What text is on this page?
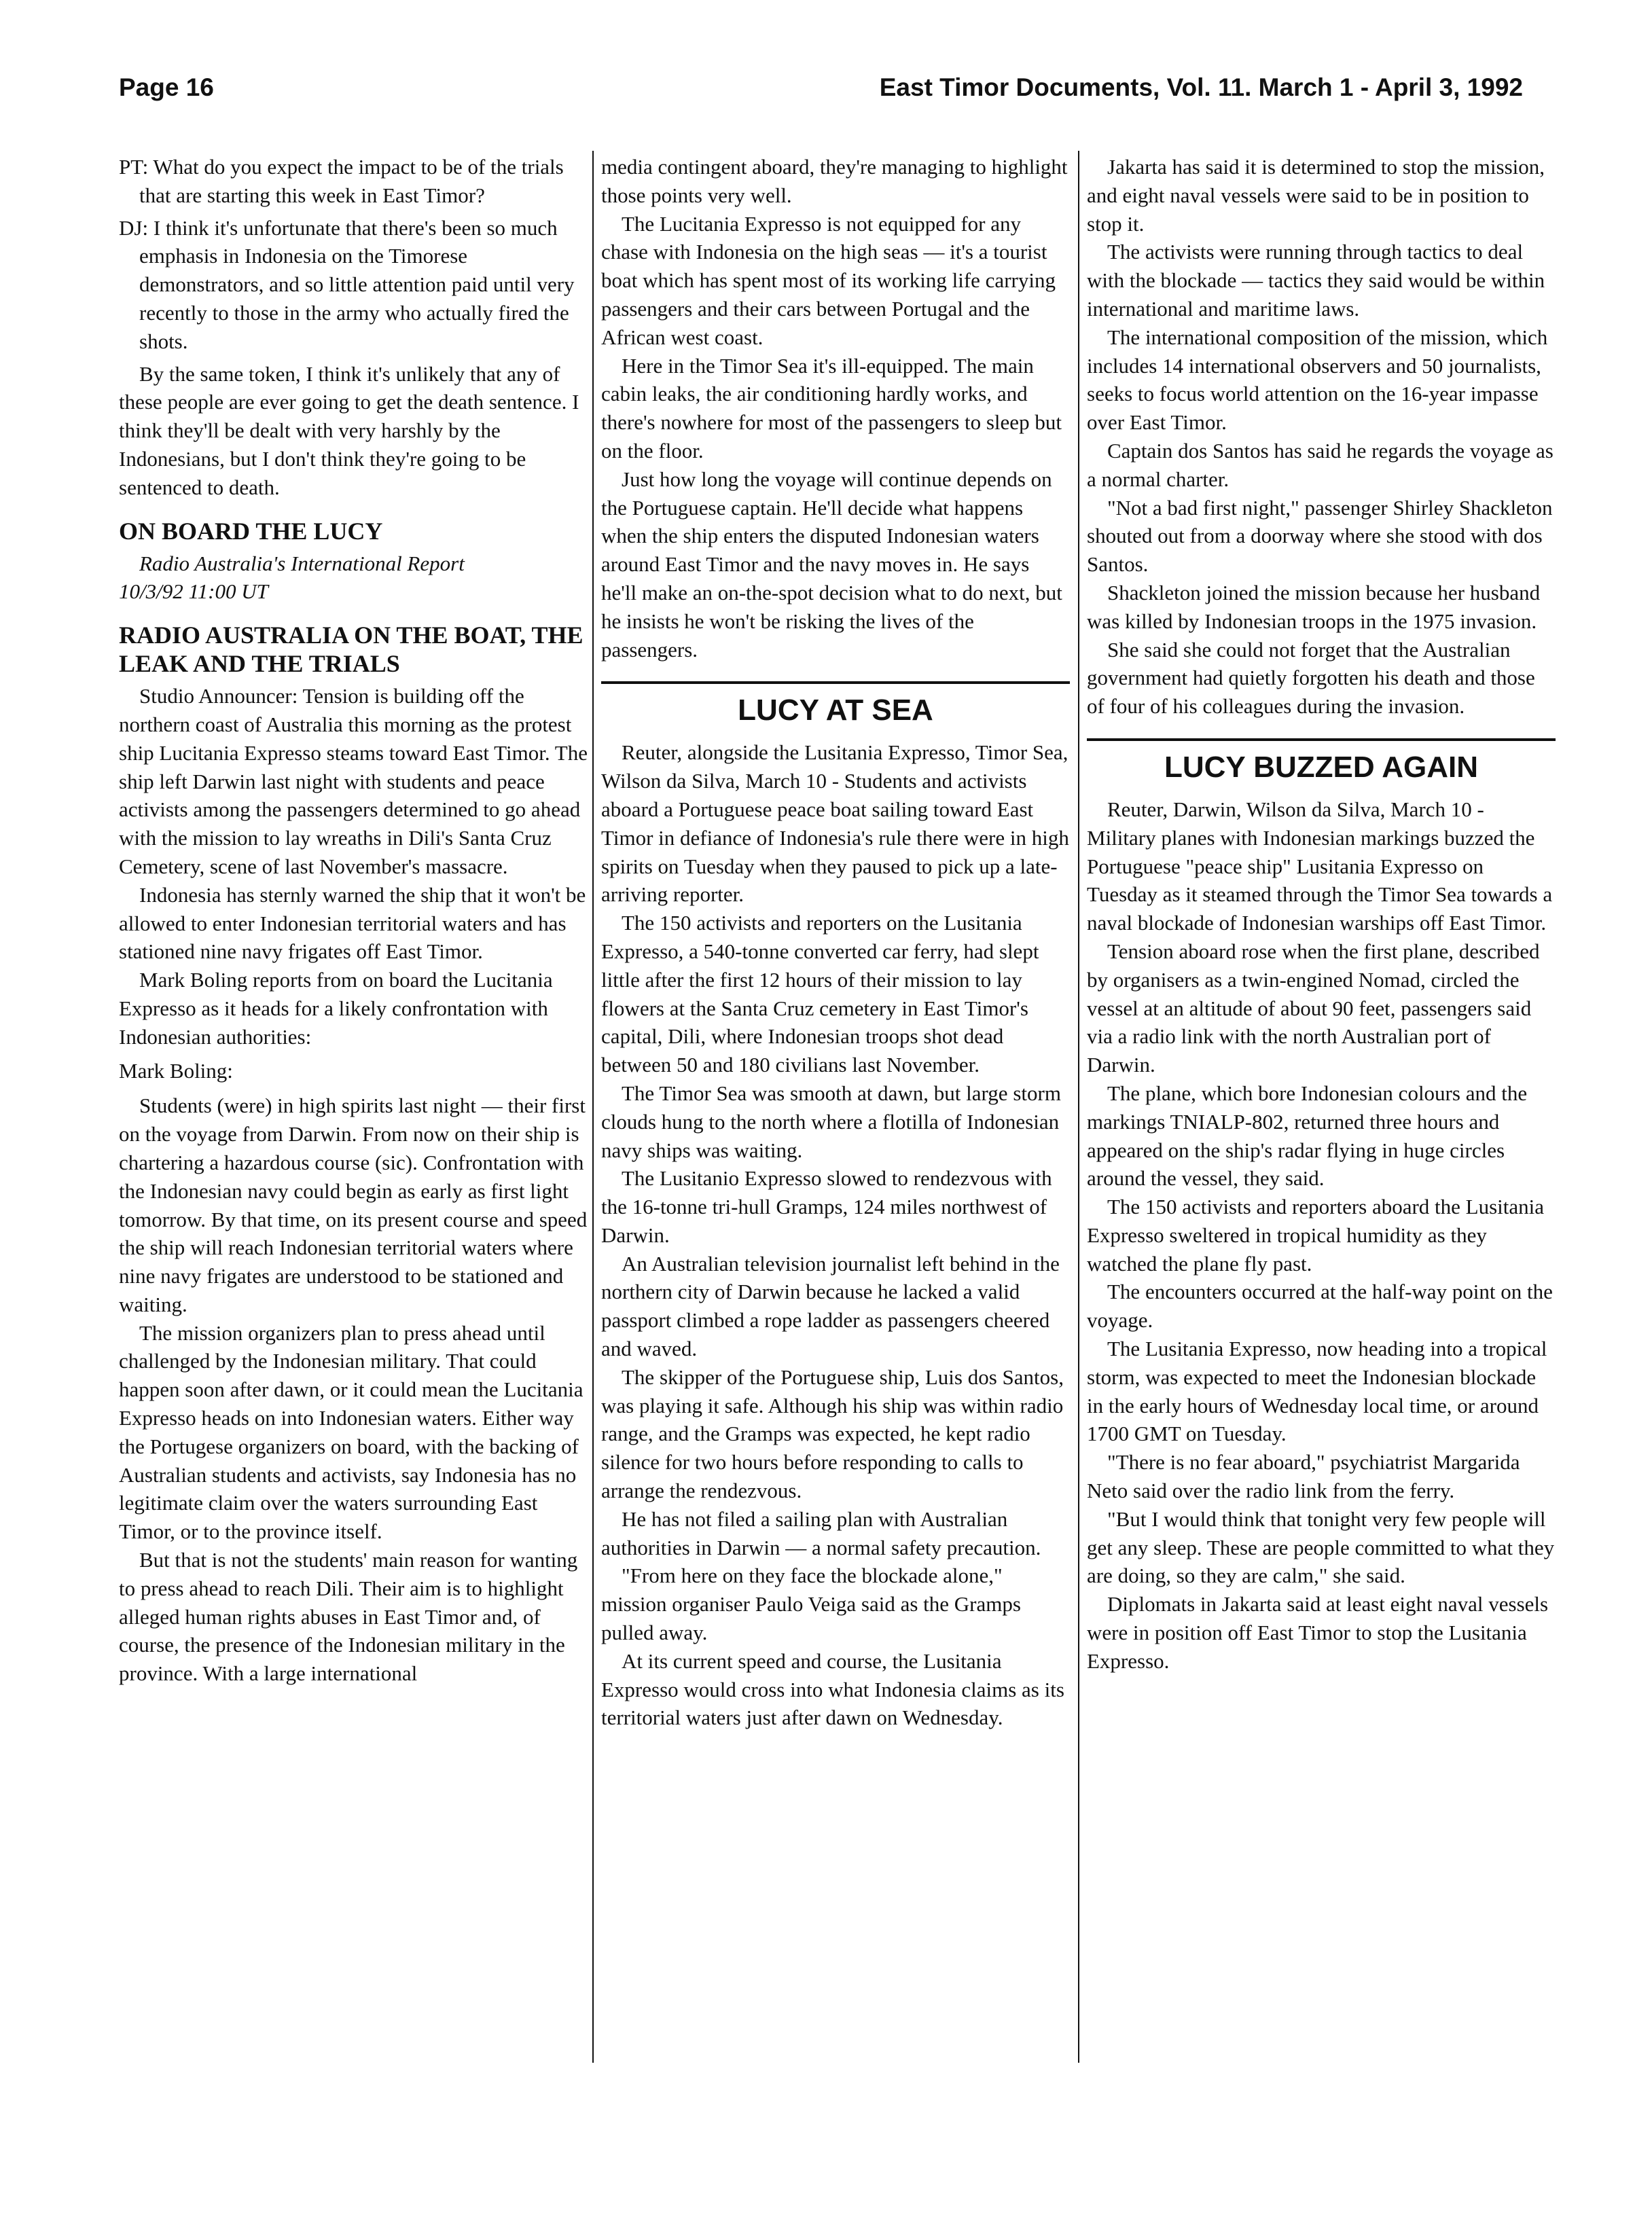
Page 16	East Timor Documents, Vol. 11. March 1 - April 3, 1992

PT: What do you expect the impact to be of the trials that are starting this week in East Timor?

DJ: I think it's unfortunate that there's been so much emphasis in Indonesia on the Timorese demonstrators, and so little attention paid until very recently to those in the army who actually fired the shots.

By the same token, I think it's unlikely that any of these people are ever going to get the death sentence. I think they'll be dealt with very harshly by the Indonesians, but I don't think they're going to be sentenced to death.

ON BOARD THE LUCY

Radio Australia's International Report
10/3/92 11:00 UT

RADIO AUSTRALIA ON THE BOAT, THE LEAK AND THE TRIALS

Studio Announcer: Tension is building off the northern coast of Australia this morning as the protest ship Lucitania Expresso steams toward East Timor. The ship left Darwin last night with students and peace activists among the passengers determined to go ahead with the mission to lay wreaths in Dili's Santa Cruz Cemetery, scene of last November's massacre.

Indonesia has sternly warned the ship that it won't be allowed to enter Indonesian territorial waters and has stationed nine navy frigates off East Timor.

Mark Boling reports from on board the Lucitania Expresso as it heads for a likely confrontation with Indonesian authorities:

Mark Boling:

Students (were) in high spirits last night — their first on the voyage from Darwin. From now on their ship is chartering a hazardous course (sic). Confrontation with the Indonesian navy could begin as early as first light tomorrow. By that time, on its present course and speed the ship will reach Indonesian territorial waters where nine navy frigates are understood to be stationed and waiting.

The mission organizers plan to press ahead until challenged by the Indonesian military. That could happen soon after dawn, or it could mean the Lucitania Expresso heads on into Indonesian waters. Either way the Portugese organizers on board, with the backing of Australian students and activists, say Indonesia has no legitimate claim over the waters surrounding East Timor, or to the province itself.

But that is not the students' main reason for wanting to press ahead to reach Dili. Their aim is to highlight alleged human rights abuses in East Timor and, of course, the presence of the Indonesian military in the province. With a large international

media contingent aboard, they're managing to highlight those points very well.

The Lucitania Expresso is not equipped for any chase with Indonesia on the high seas — it's a tourist boat which has spent most of its working life carrying passengers and their cars between Portugal and the African west coast.

Here in the Timor Sea it's ill-equipped. The main cabin leaks, the air conditioning hardly works, and there's nowhere for most of the passengers to sleep but on the floor.

Just how long the voyage will continue depends on the Portuguese captain. He'll decide what happens when the ship enters the disputed Indonesian waters around East Timor and the navy moves in. He says he'll make an on-the-spot decision what to do next, but he insists he won't be risking the lives of the passengers.

LUCY AT SEA

Reuter, alongside the Lusitania Expresso, Timor Sea, Wilson da Silva, March 10 - Students and activists aboard a Portuguese peace boat sailing toward East Timor in defiance of Indonesia's rule there were in high spirits on Tuesday when they paused to pick up a late-arriving reporter.

The 150 activists and reporters on the Lusitania Expresso, a 540-tonne converted car ferry, had slept little after the first 12 hours of their mission to lay flowers at the Santa Cruz cemetery in East Timor's capital, Dili, where Indonesian troops shot dead between 50 and 180 civilians last November.

The Timor Sea was smooth at dawn, but large storm clouds hung to the north where a flotilla of Indonesian navy ships was waiting.

The Lusitanio Expresso slowed to rendezvous with the 16-tonne tri-hull Gramps, 124 miles northwest of Darwin.

An Australian television journalist left behind in the northern city of Darwin because he lacked a valid passport climbed a rope ladder as passengers cheered and waved.

The skipper of the Portuguese ship, Luis dos Santos, was playing it safe. Although his ship was within radio range, and the Gramps was expected, he kept radio silence for two hours before responding to calls to arrange the rendezvous.

He has not filed a sailing plan with Australian authorities in Darwin — a normal safety precaution.

"From here on they face the blockade alone," mission organiser Paulo Veiga said as the Gramps pulled away.

At its current speed and course, the Lusitania Expresso would cross into what Indonesia claims as its territorial waters just after dawn on Wednesday.

Jakarta has said it is determined to stop the mission, and eight naval vessels were said to be in position to stop it.

The activists were running through tactics to deal with the blockade — tactics they said would be within international and maritime laws.

The international composition of the mission, which includes 14 international observers and 50 journalists, seeks to focus world attention on the 16-year impasse over East Timor.

Captain dos Santos has said he regards the voyage as a normal charter.

"Not a bad first night," passenger Shirley Shackleton shouted out from a doorway where she stood with dos Santos.

Shackleton joined the mission because her husband was killed by Indonesian troops in the 1975 invasion.

She said she could not forget that the Australian government had quietly forgotten his death and those of four of his colleagues during the invasion.

LUCY BUZZED AGAIN

Reuter, Darwin, Wilson da Silva, March 10 - Military planes with Indonesian markings buzzed the Portuguese "peace ship" Lusitania Expresso on Tuesday as it steamed through the Timor Sea towards a naval blockade of Indonesian warships off East Timor.

Tension aboard rose when the first plane, described by organisers as a twin-engined Nomad, circled the vessel at an altitude of about 90 feet, passengers said via a radio link with the north Australian port of Darwin.

The plane, which bore Indonesian colours and the markings TNIALP-802, returned three hours and appeared on the ship's radar flying in huge circles around the vessel, they said.

The 150 activists and reporters aboard the Lusitania Expresso sweltered in tropical humidity as they watched the plane fly past.

The encounters occurred at the half-way point on the voyage.

The Lusitania Expresso, now heading into a tropical storm, was expected to meet the Indonesian blockade in the early hours of Wednesday local time, or around 1700 GMT on Tuesday.

"There is no fear aboard," psychiatrist Margarida Neto said over the radio link from the ferry.

"But I would think that tonight very few people will get any sleep. These are people committed to what they are doing, so they are calm," she said.

Diplomats in Jakarta said at least eight naval vessels were in position off East Timor to stop the Lusitania Expresso.
